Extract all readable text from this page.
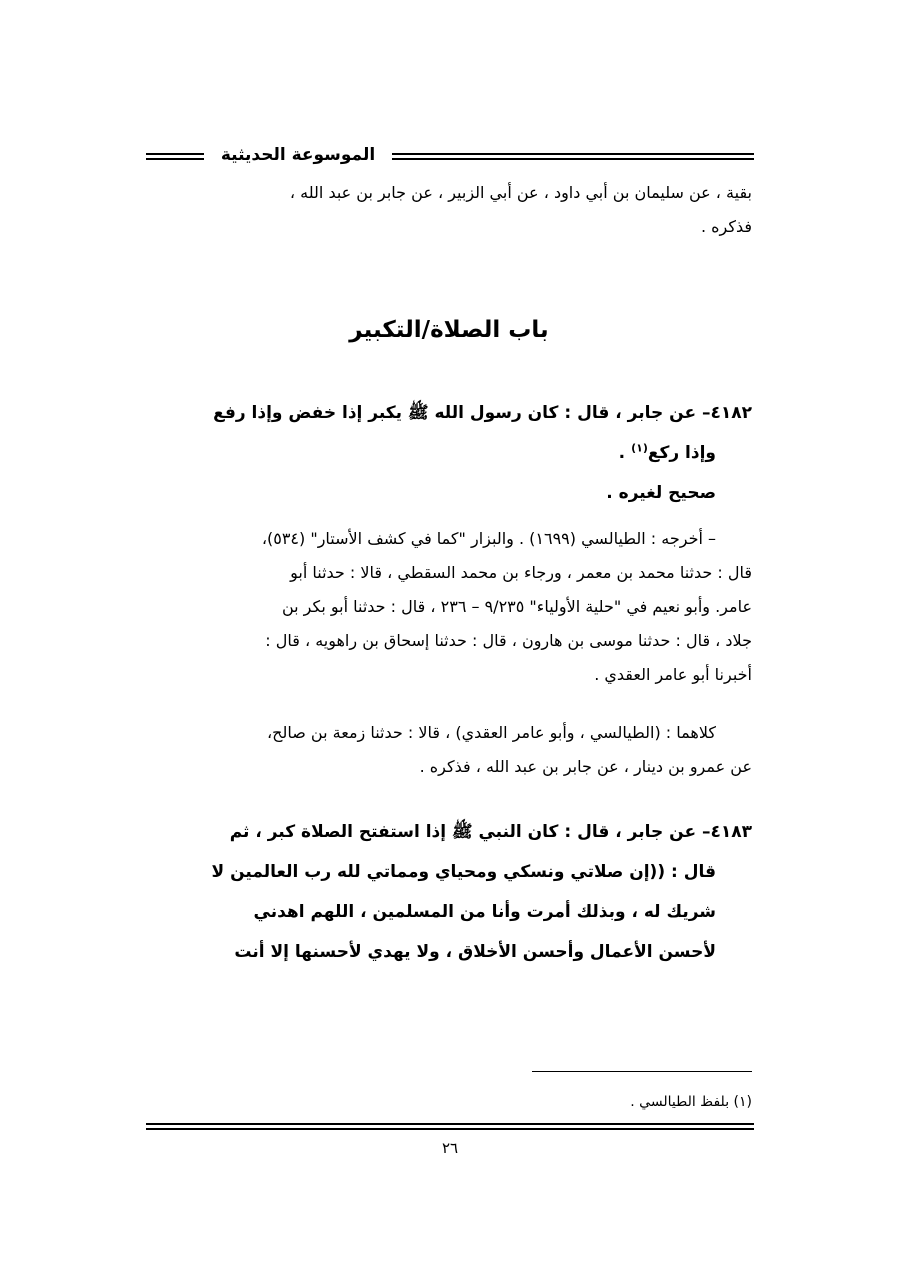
الموسوعة الحديثية

بقية ، عن سليمان بن أبي داود ، عن أبي الزبير ، عن جابر بن عبد الله ،

فذكره .

باب الصلاة/التكبير

٤١٨٢– عن جابر ، قال : كان رسول الله ﷺ يكبر إذا خفض وإذا رفع

وإذا ركع$^{(١)}$ .

صحيح لغيره .

– أخرجه : الطيالسي (١٦٩٩) . والبزار "كما في كشف الأستار" (٥٣٤)،

قال : حدثنا محمد بن معمر ، ورجاء بن محمد السقطي ، قالا : حدثنا أبو

عامر. وأبو نعيم في "حلية الأولياء" ٩/٢٣٥ – ٢٣٦ ، قال : حدثنا أبو بكر بن

جلاد ، قال : حدثنا موسى بن هارون ، قال : حدثنا إسحاق بن راهويه ، قال :

أخبرنا أبو عامر العقدي .

كلاهما : (الطيالسي ، وأبو عامر العقدي) ، قالا : حدثنا زمعة بن صالح،

عن عمرو بن دينار ، عن جابر بن عبد الله ، فذكره .

٤١٨٣– عن جابر ، قال : كان النبي ﷺ إذا استفتح الصلاة كبر ، ثم

قال : ((إن صلاتي ونسكي ومحياي ومماتي لله رب العالمين لا

شريك له ، وبذلك أمرت وأنا من المسلمين ، اللهم اهدني

لأحسن الأعمال وأحسن الأخلاق ، ولا يهدي لأحسنها إلا أنت

(١) بلفظ الطيالسي .
٢٦
